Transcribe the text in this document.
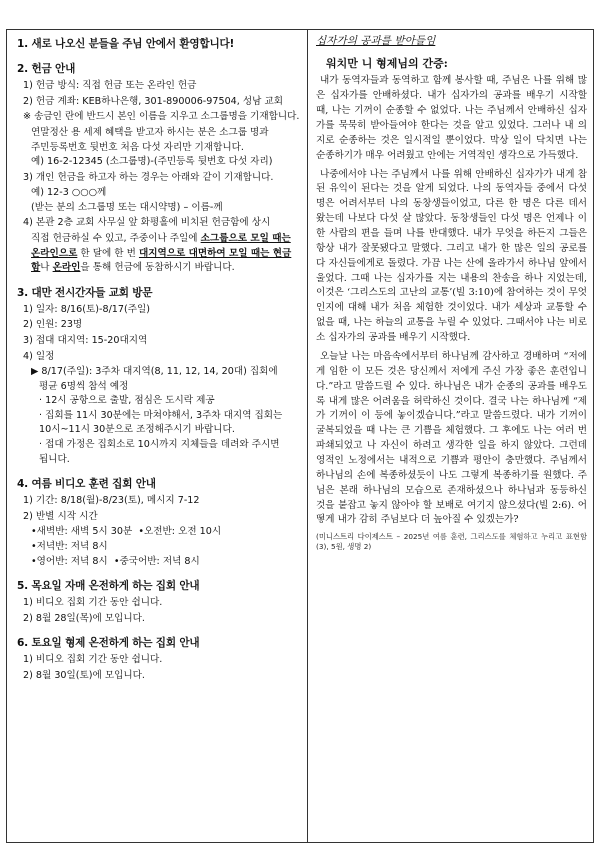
1. 새로 나오신 분들을 주님 안에서 환영합니다!
2. 헌금 안내
1) 헌금 방식: 직접 헌금 또는 온라인 헌금
2) 헌금 계좌: KEB하나은행, 301-890006-97504, 성남 교회
※ 송금인 란에 반드시 본인 이름을 지우고 소그룹명을 기재합니다.
연말정산 용 세제 혜택을 받고자 하시는 분은 소그룹 명과
주민등록번호 뒷번호 처음 다섯 자리만 기재합니다.
예) 16-2-12345 (소그룹명)-(주민등록 뒷번호 다섯 자리)
3) 개인 헌금을 하고자 하는 경우는 아래와 같이 기재합니다.
예) 12-3 ○○○께
(받는 분의 소그룹명 또는 대시약명) – 이름-께
4) 본관 2층 교회 사무실 앞 화평홀에 비치된 헌금함에 상시
직접 헌금하실 수 있고, 주중이나 주일에 소그룹으로 모일 때는
온라인으로 한 달에 한 번 대지역으로 대면하여 모일 때는 현금
함나 온라인을 통해 헌금에 동참하시기 바랍니다.
3. 대만 전시간자들 교회 방문
1) 일자: 8/16(토)-8/17(주일)
2) 인원: 23명
3) 접대 대지역: 15-20대지역
4) 일정
▶ 8/17(주일): 3주차 대지역(8, 11, 12, 14, 20대) 집회에
평균 6명씩 참석 예정
· 12시 공항으로 출발, 점심은 도시락 제공
· 집회를 11시 30분에는 마쳐야해서, 3주차 대지역 집회는
10시~11시 30분으로 조정해주시기 바랍니다.
· 접대 가정은 집회소로 10시까지 지체들을 데려와 주시면
됩니다.
4. 여름 비디오 훈련 집회 안내
1) 기간: 8/18(월)-8/23(토), 메시지 7-12
2) 반별 시작 시간
•새벽반: 새벽 5시 30분 •오전반: 오전 10시
•저녁반: 저녁 8시
•영어반: 저녁 8시 •중국어반: 저녁 8시
5. 목요일 자매 온전하게 하는 집회 안내
1) 비디오 집회 기간 동안 쉽니다.
2) 8월 28일(목)에 모입니다.
6. 토요일 형제 온전하게 하는 집회 안내
1) 비디오 집회 기간 동안 쉽니다.
2) 8월 30일(토)에 모입니다.
십자가의 공과를 받아들임
워치만 니 형제님의 간증:
내가 동역자들과 동역하고 함께 봉사할 때, 주님은 나를 위해 많은 십자가를 안배하셨다. 내가 십자가의 공과를 배우기 시작할 때, 나는 기꺼이 순종할 수 없었다. 나는 주님께서 안배하신 십자가를 묵묵히 받아들여야 한다는 것을 알고 있었다. 그러나 내 의지로 순종하는 것은 일시적일 뿐이었다. 막상 일이 닥치면 나는 순종하기가 매우 어려웠고 안에는 거역적인 생각으로 가득했다.
나중에서야 나는 주님께서 나를 위해 안배하신 십자가가 내게 참된 유익이 된다는 것을 알게 되었다. 나의 동역자들 중에서 다섯 명은 어려서부터 나의 동창생들이었고, 다른 한 명은 다른 데서 왔는데 나보다 다섯 살 많았다. 동창생들인 다섯 명은 언제나 이 한 사람의 편을 들며 나를 반대했다. 내가 무엇을 하든지 그들은 항상 내가 잘못됐다고 말했다. 그리고 내가 한 많은 일의 공로를 다 자신들에게로 돌렸다. 가끔 나는 산에 올라가서 하나님 앞에서 울었다. 그때 나는 십자가를 지는 내용의 찬송을 하나 지었는데, 이것은 ‘그리스도의 고난의 교통’(빌 3:10)에 참여하는 것이 무엇인지에 대해 내가 처음 체험한 것이었다. 내가 세상과 교통할 수 없을 때, 나는 하늘의 교통을 누릴 수 있었다. 그때서야 나는 비로소 십자가의 공과를 배우기 시작했다.
오늘날 나는 마음속에서부터 하나님께 감사하고 경배하며 “저에게 임한 이 모든 것은 당신께서 저에게 주신 가장 좋은 훈련입니다.”라고 말씀드릴 수 있다. 하나님은 내가 순종의 공과를 배우도록 내게 많은 어려움을 허락하신 것이다. 결국 나는 하나님께 “제가 기꺼이 이 등에 놓이겠습니다.”라고 말씀드렸다. 내가 기꺼이 굴복되었을 때 나는 큰 기쁨을 체험했다. 그 후에도 나는 여러 번 파쇄되었고 나 자신이 하려고 생각한 일을 하지 않았다. 그런데 영적인 노정에서는 내적으로 기쁨과 평안이 충만했다. 주님께서 하나님의 손에 복종하셨듯이 나도 그렇게 복종하기를 원했다. 주님은 본래 하나님의 모습으로 존재하셨으나 하나님과 동등하신 것을 붙잡고 놓지 않아야 할 보배로 여기지 않으셨다(빌 2:6). 어떻게 내가 감히 주님보다 더 높아질 수 있겠는가?
(미니스트리 다이제스트 – 2025년 여름 훈련, 그리스도를 체험하고 누리고 표현함(3), 5원, 생명 2)
